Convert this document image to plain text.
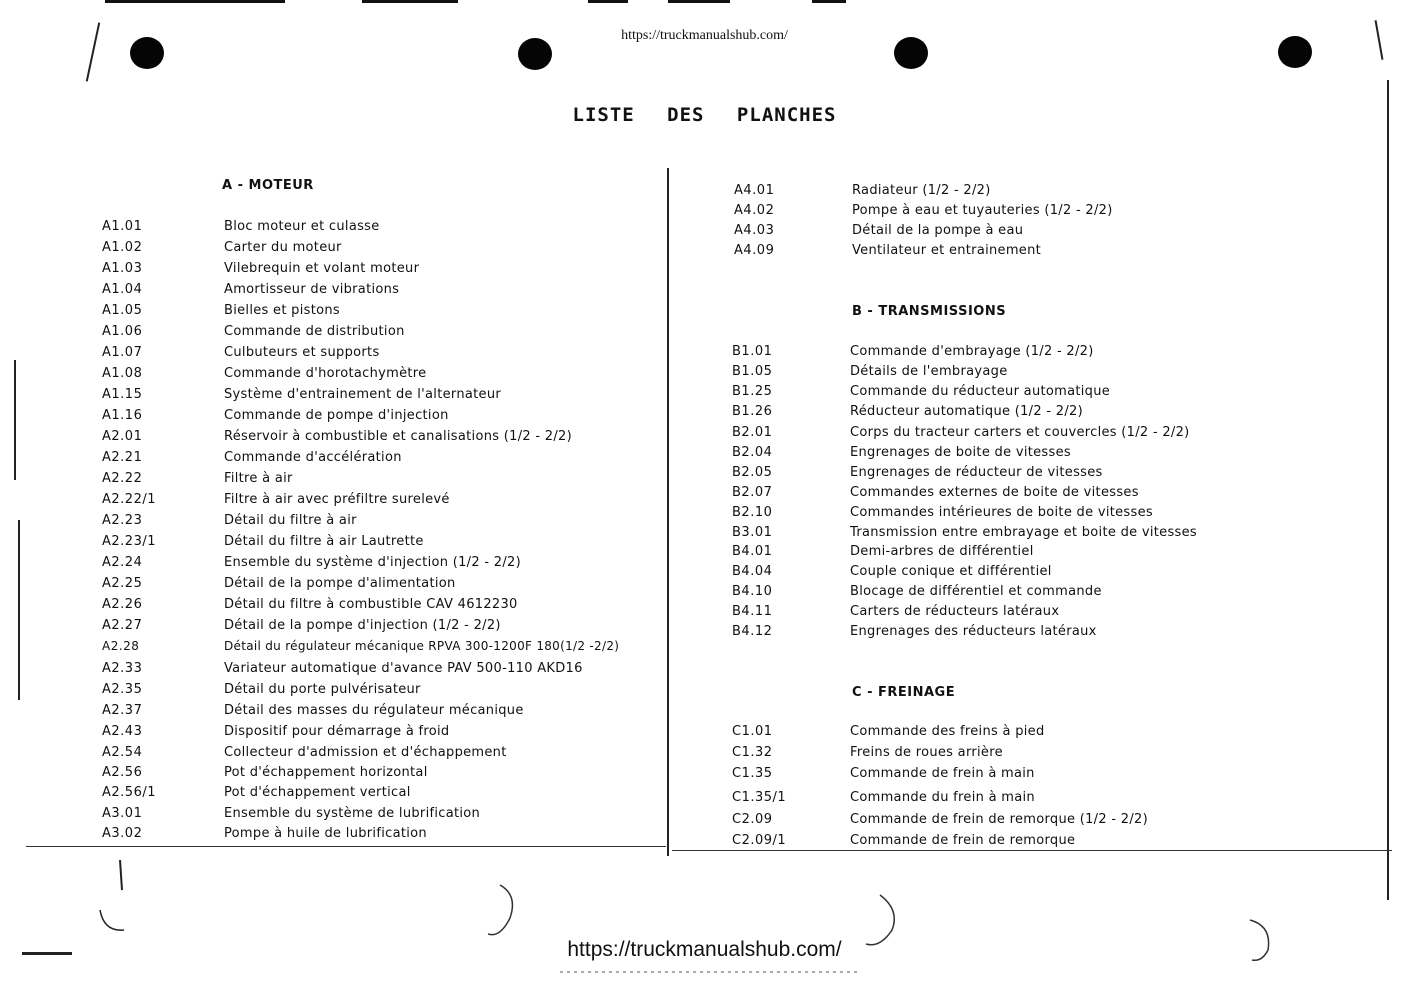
https://truckmanualshub.com/
LISTE DES PLANCHES
A - MOTEUR
A1.01	Bloc moteur et culasse
A1.02	Carter du moteur
A1.03	Vilebrequin et volant moteur
A1.04	Amortisseur de vibrations
A1.05	Bielles et pistons
A1.06	Commande de distribution
A1.07	Culbuteurs et supports
A1.08	Commande d'horotachymètre
A1.15	Système d'entrainement de l'alternateur
A1.16	Commande de pompe d'injection
A2.01	Réservoir à combustible et canalisations (1/2 - 2/2)
A2.21	Commande d'accélération
A2.22	Filtre à air
A2.22/1	Filtre à air avec préfiltre surelevé
A2.23	Détail du filtre à air
A2.23/1	Détail du filtre à air Lautrette
A2.24	Ensemble du système d'injection (1/2 - 2/2)
A2.25	Détail de la pompe d'alimentation
A2.26	Détail du filtre à combustible CAV 4612230
A2.27	Détail de la pompe d'injection (1/2 - 2/2)
A2.28	Détail du régulateur mécanique RPVA 300-1200F 180(1/2 -2/2)
A2.33	Variateur automatique d'avance PAV 500-110 AKD16
A2.35	Détail du porte pulvérisateur
A2.37	Détail des masses du régulateur mécanique
A2.43	Dispositif pour démarrage à froid
A2.54	Collecteur d'admission et d'échappement
A2.56	Pot d'échappement horizontal
A2.56/1	Pot d'échappement vertical
A3.01	Ensemble du système de lubrification
A3.02	Pompe à huile de lubrification
A4.01	Radiateur (1/2 - 2/2)
A4.02	Pompe à eau et tuyauteries (1/2 - 2/2)
A4.03	Détail de la pompe à eau
A4.09	Ventilateur et entrainement
B - TRANSMISSIONS
B1.01	Commande d'embrayage (1/2 - 2/2)
B1.05	Détails de l'embrayage
B1.25	Commande du réducteur automatique
B1.26	Réducteur automatique (1/2 - 2/2)
B2.01	Corps du tracteur carters et couvercles (1/2 - 2/2)
B2.04	Engrenages de boite de vitesses
B2.05	Engrenages de réducteur de vitesses
B2.07	Commandes externes de boite de vitesses
B2.10	Commandes intérieures de boite de vitesses
B3.01	Transmission entre embrayage et boite de vitesses
B4.01	Demi-arbres de différentiel
B4.04	Couple conique et différentiel
B4.10	Blocage de différentiel et commande
B4.11	Carters de réducteurs latéraux
B4.12	Engrenages des réducteurs latéraux
C - FREINAGE
C1.01	Commande des freins à pied
C1.32	Freins de roues arrière
C1.35	Commande de frein à main
C1.35/1	Commande du frein à main
C2.09	Commande de frein de remorque (1/2 - 2/2)
C2.09/1	Commande de frein de remorque
https://truckmanualshub.com/
